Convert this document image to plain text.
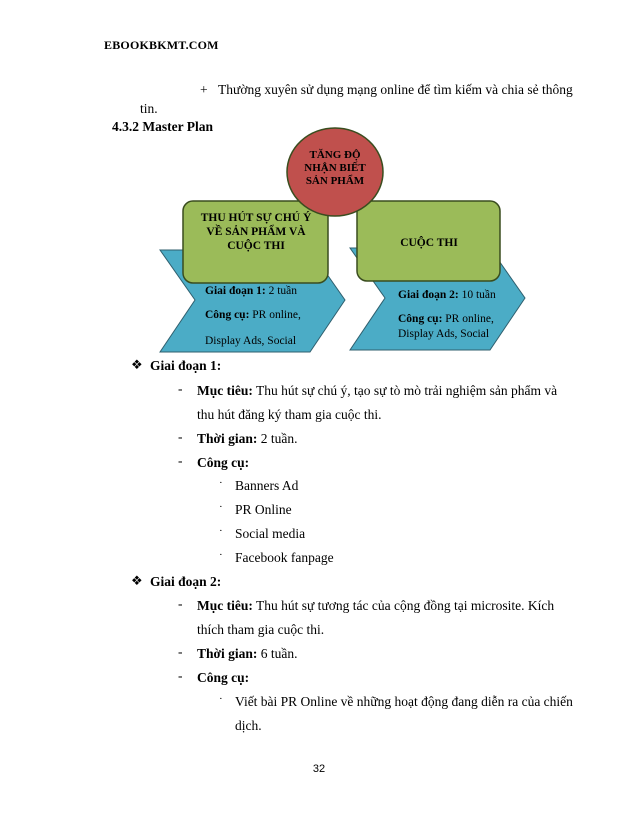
EBOOKBKMT.COM
+ Thường xuyên sử dụng mạng online để tìm kiếm và chia sẻ thông
tin.
4.3.2 Master Plan
TĂNG ĐỘ
NHẬN BIẾT
SẢN PHẨM
THU HÚT SỰ CHÚ Ý
VỀ SẢN PHẨM VÀ
CUỘC THI	CUỘC THI
Giai đoạn 1: 2 tuần
Công cụ: PR online,
Display Ads, Social
Giai đoạn 2: 10 tuần
Công cụ: PR online,
Display Ads, Social
❖ Giai đoạn 1:
- Mục tiêu: Thu hút sự chú ý, tạo sự tò mò trải nghiệm sản phẩm và
thu hút đăng ký tham gia cuộc thi.
- Thời gian: 2 tuần.
- Công cụ:
· Banners Ad
· PR Online
· Social media
· Facebook fanpage
❖ Giai đoạn 2:
- Mục tiêu: Thu hút sự tương tác của cộng đồng tại microsite. Kích
thích tham gia cuộc thi.
- Thời gian: 6 tuần.
- Công cụ:
· Viết bài PR Online về những hoạt động đang diễn ra của chiến
dịch.
32
